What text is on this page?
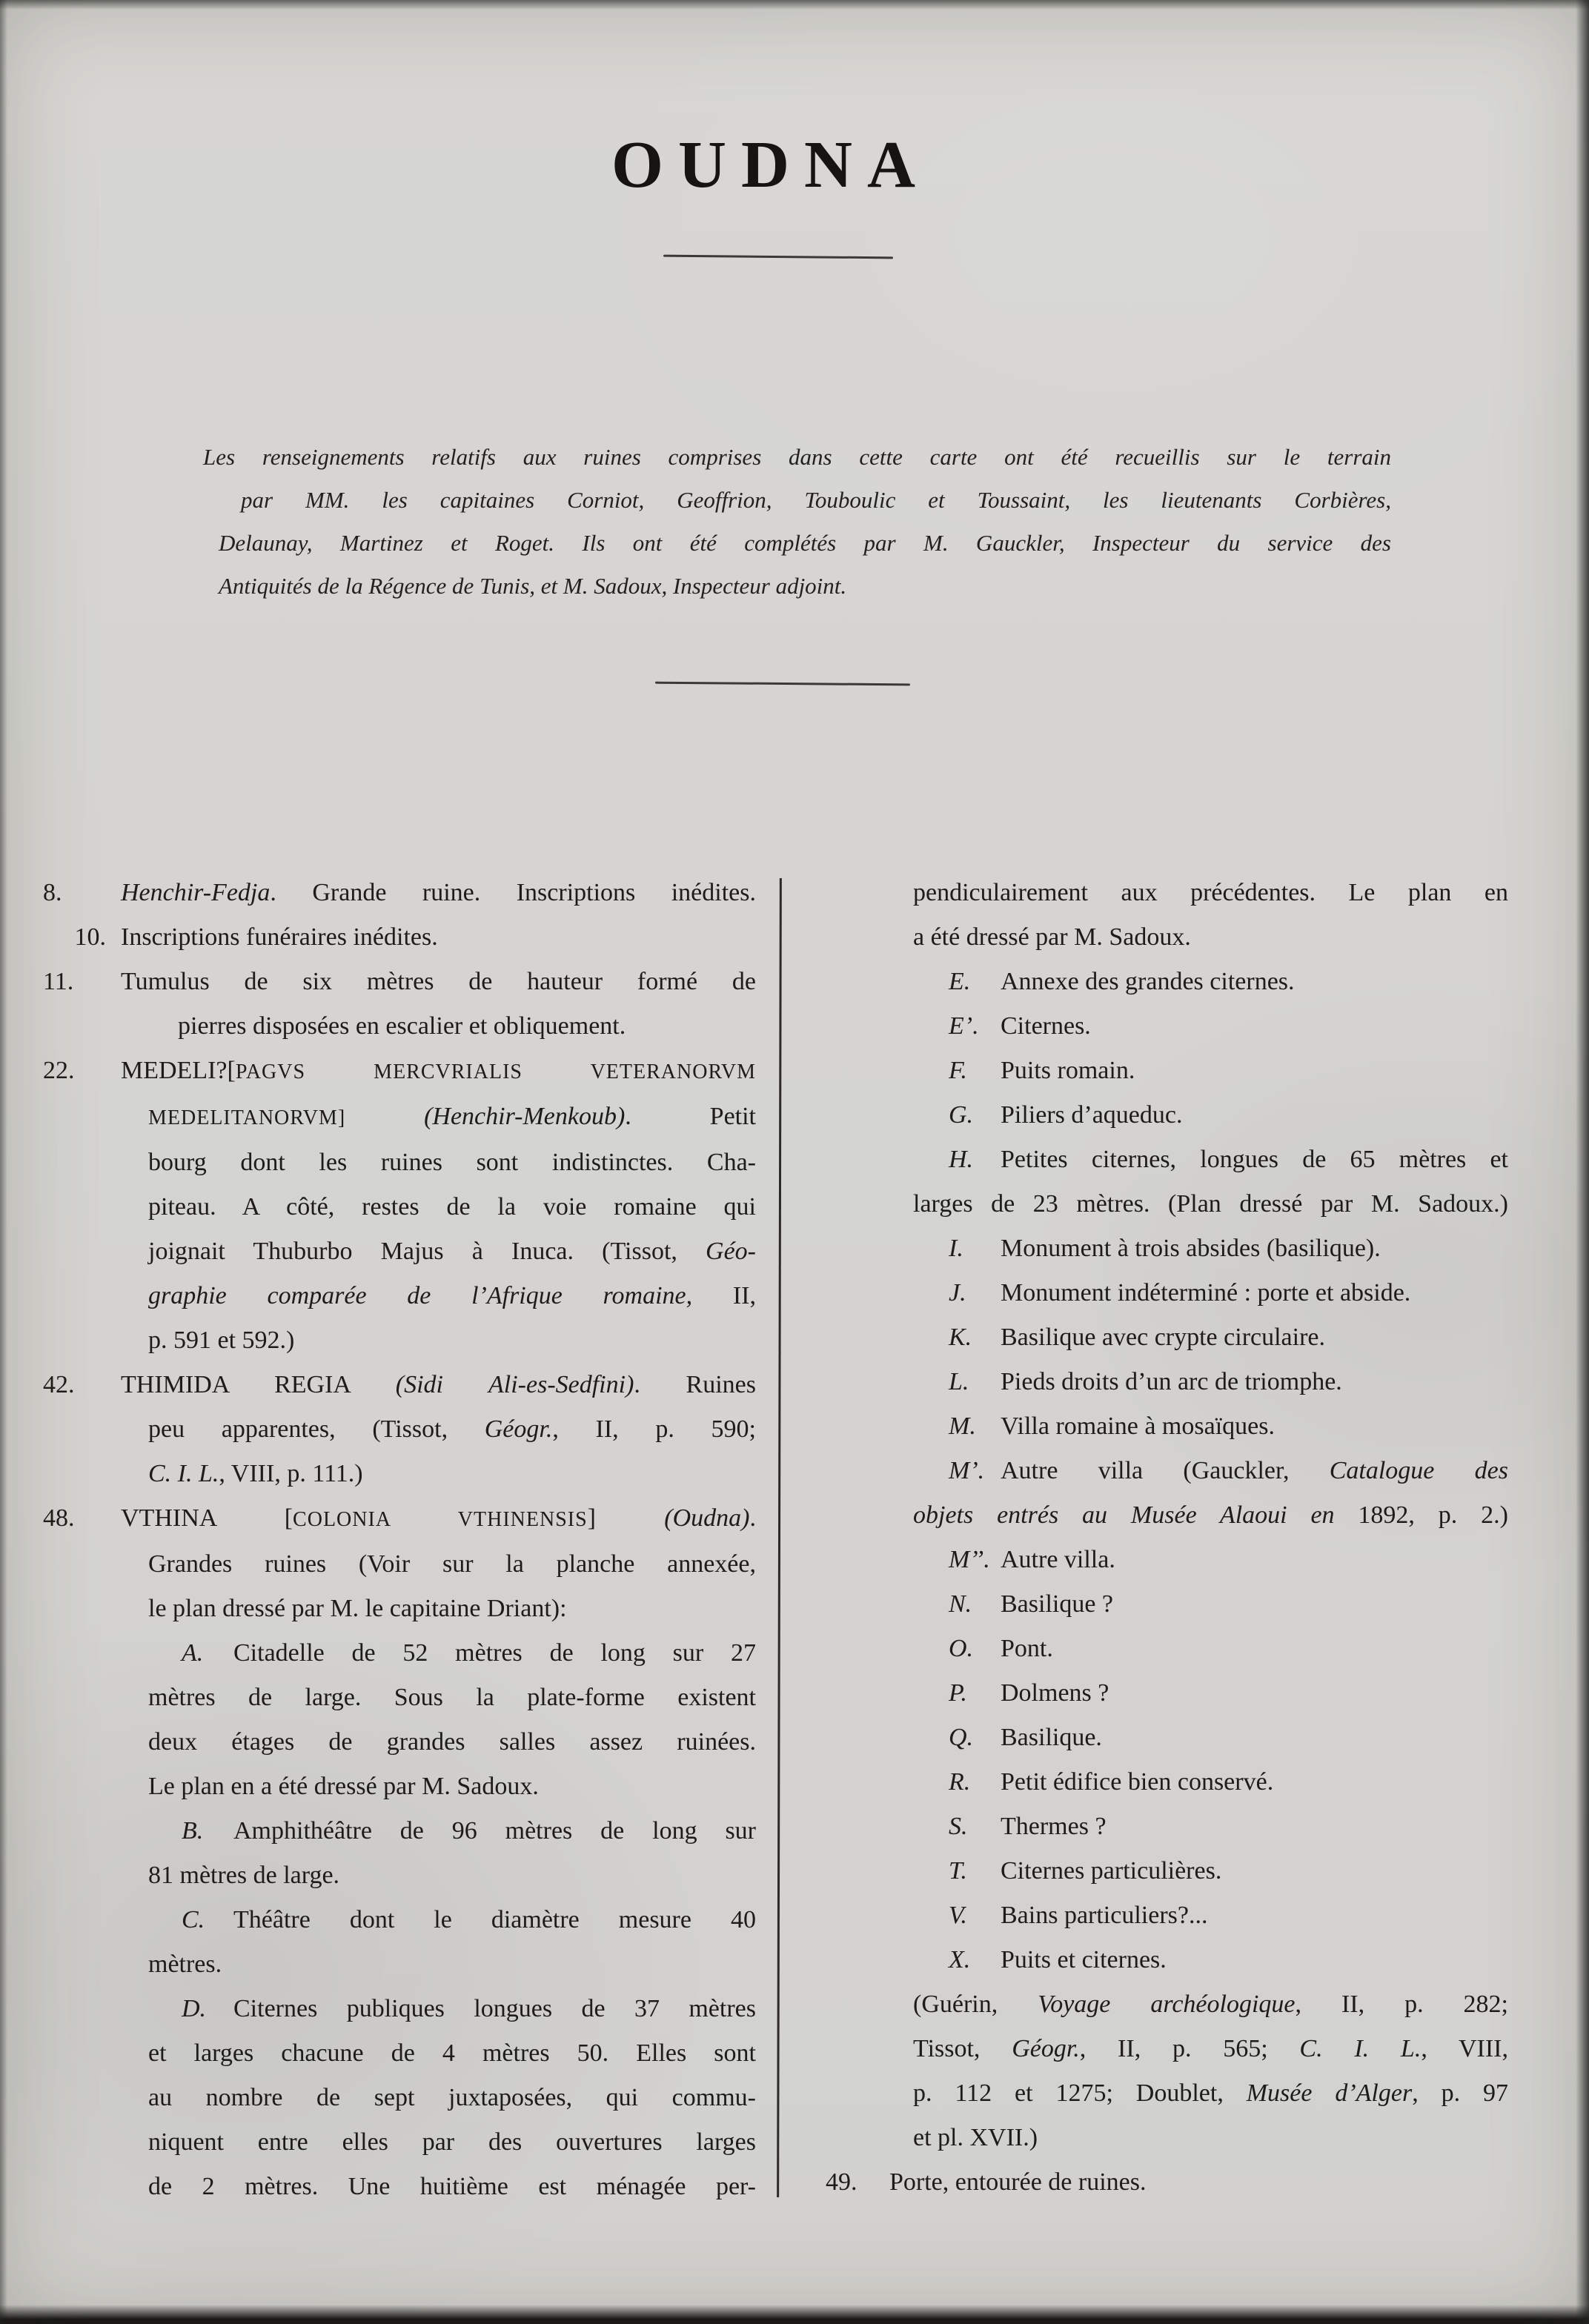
OUDNA
Les renseignements relatifs aux ruines comprises dans cette carte ont été recueillis sur le terrain
par MM. les capitaines Corniot, Geoffrion, Touboulic et Toussaint, les lieutenants Corbières,
Delaunay, Martinez et Roget. Ils ont été complétés par M. Gauckler, Inspecteur du service des
Antiquités de la Régence de Tunis, et M. Sadoux, Inspecteur adjoint.
8. Henchir-Fedja. Grande ruine. Inscriptions inédites.
10. Inscriptions funéraires inédites.
11. Tumulus de six mètres de hauteur formé de
pierres disposées en escalier et obliquement.
22. MEDELI?[PAGVS MERCVRIALIS VETERANORVM
MEDELITANORVM]	(Henchir-Menkoub). Petit
bourg dont les ruines sont indistinctes. Cha-
piteau. A côté, restes de la voie romaine qui
joignait Thuburbo Majus à Inuca. (Tissot, Géo-
graphie comparée de l’Afrique romaine, II,
p. 591 et 592.)
42. THIMIDA REGIA (Sidi Ali-es-Sedfini). Ruines
peu apparentes, (Tissot, Géogr., II, p. 590;
C. I. L., VIII, p. 111.)
48. VTHINA [COLONIA VTHINENSIS] (Oudna).
Grandes ruines (Voir sur la planche annexée,
le plan dressé par M. le capitaine Driant):
A. Citadelle de 52 mètres de long sur 27
mètres de large. Sous la plate-forme existent
deux étages de grandes salles assez ruinées.
Le plan en a été dressé par M. Sadoux.
B. Amphithéâtre de 96 mètres de long sur
81 mètres de large.
C. Théâtre dont le diamètre mesure 40
mètres.
D. Citernes publiques longues de 37 mètres
et larges chacune de 4 mètres 50. Elles sont
au nombre de sept juxtaposées, qui commu-
niquent entre elles par des ouvertures larges
de 2 mètres. Une huitième est ménagée per-
pendiculairement aux précédentes. Le plan en
a été dressé par M. Sadoux.
E. Annexe des grandes citernes.
E’. Citernes.
F. Puits romain.
G. Piliers d’aqueduc.
H. Petites citernes, longues de 65 mètres et
larges de 23 mètres. (Plan dressé par M. Sadoux.)
I. Monument à trois absides (basilique).
J. Monument indéterminé : porte et abside.
K. Basilique avec crypte circulaire.
L. Pieds droits d’un arc de triomphe.
M. Villa romaine à mosaïques.
M’. Autre villa (Gauckler, Catalogue des
objets entrés au Musée Alaoui en 1892, p. 2.)
M’’. Autre villa.
N. Basilique ?
O. Pont.
P. Dolmens ?
Q. Basilique.
R. Petit édifice bien conservé.
S. Thermes ?
T. Citernes particulières.
V. Bains particuliers?...
X. Puits et citernes.
(Guérin, Voyage archéologique, II, p. 282;
Tissot, Géogr., II, p. 565; C. I. L., VIII,
p. 112 et 1275; Doublet, Musée d’Alger, p. 97
et pl. XVII.)
49. Porte, entourée de ruines.
